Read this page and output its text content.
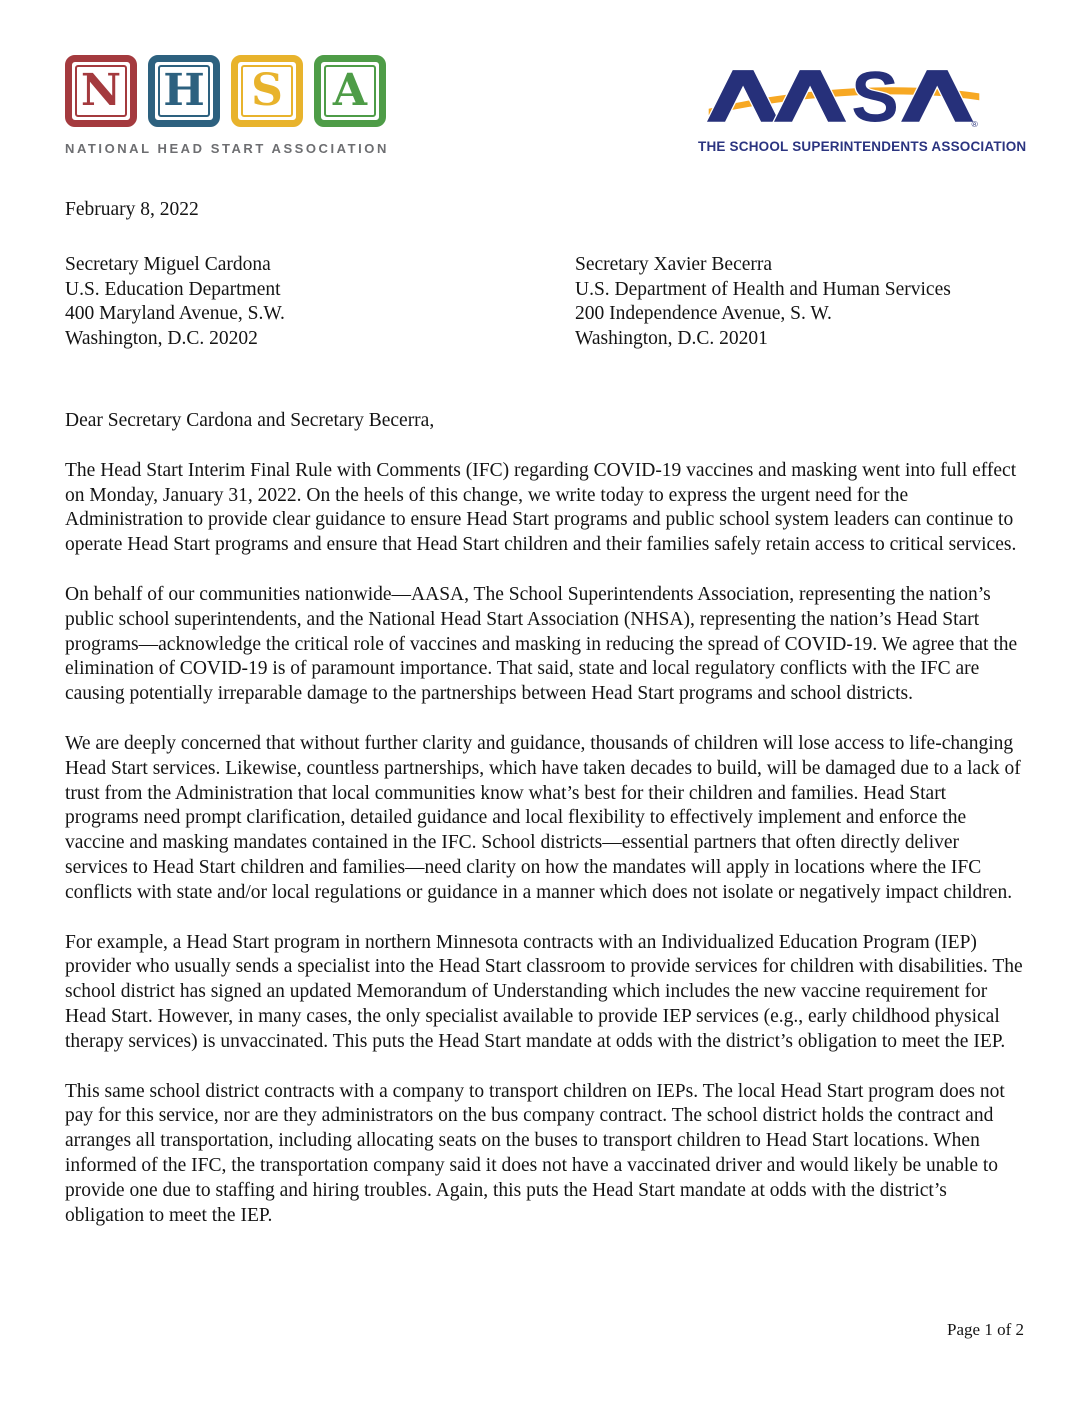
N H	S	A
NATIONAL HEAD START ASSOCIATION
S	®
THE SCHOOL SUPERINTENDENTS ASSOCIATION
February 8, 2022
Secretary Miguel Cardona
U.S. Education Department
400 Maryland Avenue, S.W.
Washington, D.C. 20202
Secretary Xavier Becerra
U.S. Department of Health and Human Services
200 Independence Avenue, S. W.
Washington, D.C. 20201
Dear Secretary Cardona and Secretary Becerra,

The Head Start Interim Final Rule with Comments (IFC) regarding COVID-19 vaccines and masking went into full effect on Monday, January 31, 2022. On the heels of this change, we write today to express the urgent need for the Administration to provide clear guidance to ensure Head Start programs and public school system leaders can continue to operate Head Start programs and ensure that Head Start children and their families safely retain access to critical services.

On behalf of our communities nationwide—AASA, The School Superintendents Association, representing the nation’s public school superintendents, and the National Head Start Association (NHSA), representing the nation’s Head Start programs—acknowledge the critical role of vaccines and masking in reducing the spread of COVID-19. We agree that the elimination of COVID-19 is of paramount importance. That said, state and local regulatory conflicts with the IFC are causing potentially irreparable damage to the partnerships between Head Start programs and school districts.

We are deeply concerned that without further clarity and guidance, thousands of children will lose access to life-changing Head Start services. Likewise, countless partnerships, which have taken decades to build, will be damaged due to a lack of trust from the Administration that local communities know what’s best for their children and families. Head Start programs need prompt clarification, detailed guidance and local flexibility to effectively implement and enforce the vaccine and masking mandates contained in the IFC. School districts—essential partners that often directly deliver services to Head Start children and families—need clarity on how the mandates will apply in locations where the IFC conflicts with state and/or local regulations or guidance in a manner which does not isolate or negatively impact children.

For example, a Head Start program in northern Minnesota contracts with an Individualized Education Program (IEP) provider who usually sends a specialist into the Head Start classroom to provide services for children with disabilities. The school district has signed an updated Memorandum of Understanding which includes the new vaccine requirement for Head Start. However, in many cases, the only specialist available to provide IEP services (e.g., early childhood physical therapy services) is unvaccinated. This puts the Head Start mandate at odds with the district’s obligation to meet the IEP.

This same school district contracts with a company to transport children on IEPs. The local Head Start program does not pay for this service, nor are they administrators on the bus company contract. The school district holds the contract and arranges all transportation, including allocating seats on the buses to transport children to Head Start locations. When informed of the IFC, the transportation company said it does not have a vaccinated driver and would likely be unable to provide one due to staffing and hiring troubles. Again, this puts the Head Start mandate at odds with the district’s obligation to meet the IEP.

Page 1 of 2
